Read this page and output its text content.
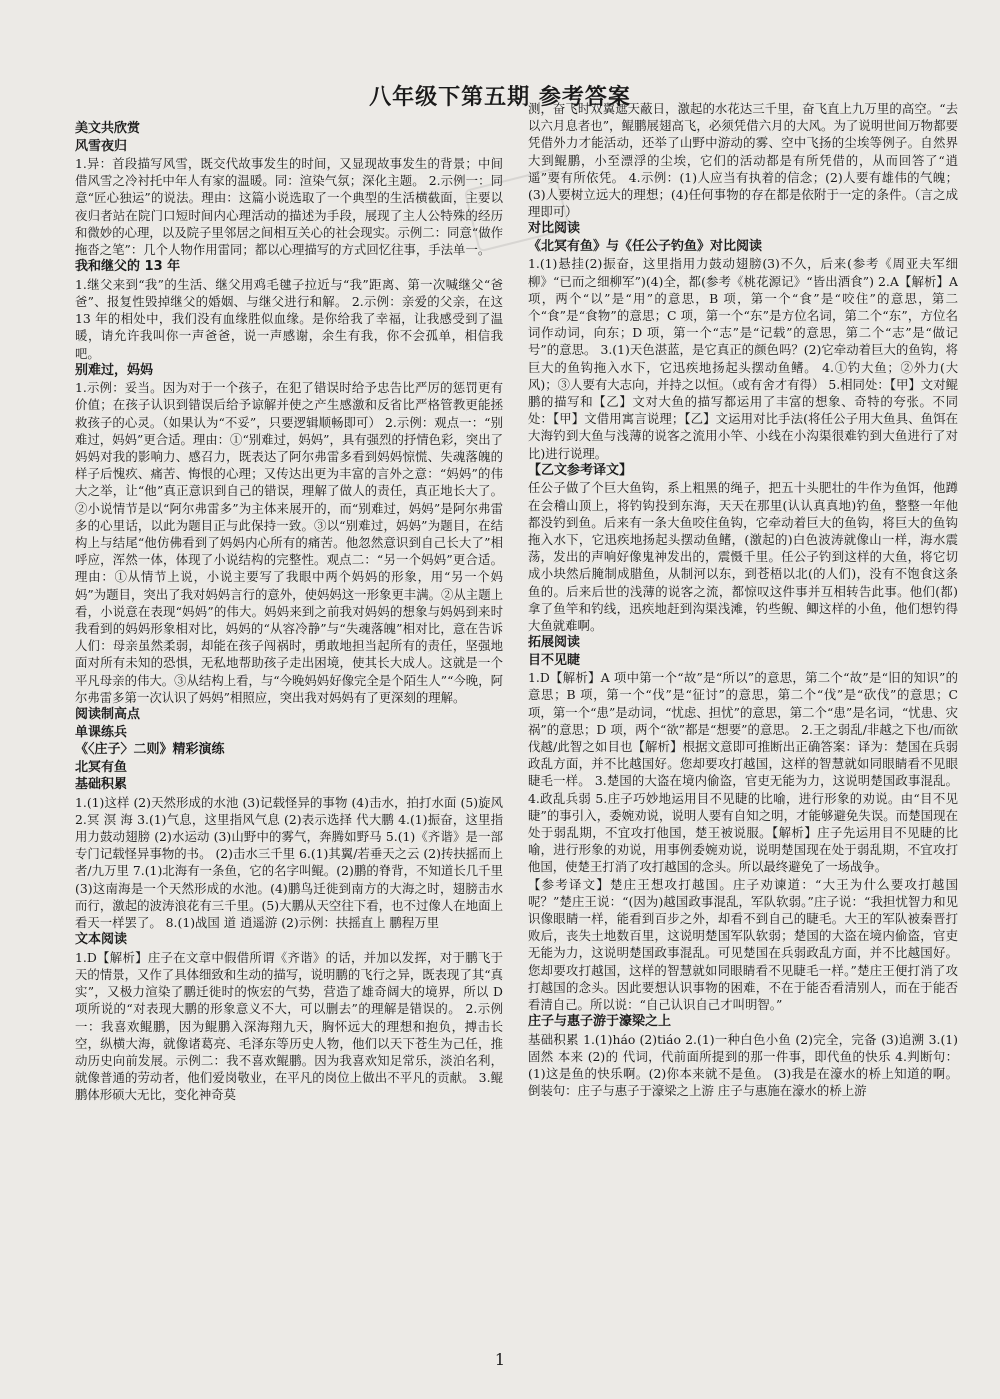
八年级下第五期 参考答案
美文共欣赏
风雪夜归

1.异：首段描写风雪，既交代故事发生的时间，又显现故事发生的背景；中间借风雪之冷衬托中年人有家的温暖。同：渲染气氛；深化主题。 2.示例一：同意“匠心独运”的说法。理由：这篇小说选取了一个典型的生活横截面，主要以夜归者站在院门口短时间内心理活动的描述为手段，展现了主人公特殊的经历和微妙的心理，以及院子里邻居之间相互关心的社会现实。示例二：同意“做作拖沓之笔”：几个人物作用雷同；都以心理描写的方式回忆往事，手法单一。

我和继父的 13 年

1.继父来到“我”的生活、继父用鸡毛毽子拉近与“我”距离、第一次喊继父“爸爸”、报复性毁掉继父的婚姻、与继父进行和解。 2.示例：亲爱的父亲，在这 13 年的相处中，我们没有血缘胜似血缘。是你给我了幸福，让我感受到了温暖，请允许我叫你一声爸爸，说一声感谢，余生有我，你不会孤单，相信我吧。

别难过，妈妈

1.示例：妥当。因为对于一个孩子，在犯了错误时给予忠告比严厉的惩罚更有价值；在孩子认识到错误后给予谅解并使之产生感激和反省比严格管教更能拯救孩子的心灵。（如果认为“不妥”，只要逻辑顺畅即可） 2.示例：观点一：“别难过，妈妈”更合适。理由：①“别难过，妈妈”，具有强烈的抒情色彩，突出了妈妈对我的影响力、感召力，既表达了阿尔弗雷多看到妈妈惊慌、失魂落魄的样子后愧疚、痛苦、悔恨的心理；又传达出更为丰富的言外之意：“妈妈”的伟大之举，让“他”真正意识到自己的错误，理解了做人的责任，真正地长大了。②小说情节是以“阿尔弗雷多”为主体来展开的，而“别难过，妈妈”是阿尔弗雷多的心里话，以此为题目正与此保持一致。③以“别难过，妈妈”为题目，在结构上与结尾“他仿佛看到了妈妈内心所有的痛苦。他忽然意识到自己长大了”相呼应，浑然一体，体现了小说结构的完整性。观点二：“另一个妈妈”更合适。理由：①从情节上说，小说主要写了我眼中两个妈妈的形象，用“另一个妈妈”为题目，突出了我对妈妈言行的意外，使妈妈这一形象更丰满。②从主题上看，小说意在表现“妈妈”的伟大。妈妈来到之前我对妈妈的想象与妈妈到来时我看到的妈妈形象相对比，妈妈的“从容冷静”与“失魂落魄”相对比，意在告诉人们：母亲虽然柔弱，却能在孩子闯祸时，勇敢地担当起所有的责任，坚强地面对所有未知的恐惧，无私地帮助孩子走出困境，使其长大成人。这就是一个平凡母亲的伟大。③从结构上看，与“今晚妈妈好像完全是个陌生人”“今晚，阿尔弗雷多第一次认识了妈妈”相照应，突出我对妈妈有了更深刻的理解。

阅读制高点
单课练兵
《〈庄子〉二则》精彩演练
北冥有鱼
基础积累

1.(1)这样 (2)天然形成的水池 (3)记载怪异的事物 (4)击水，拍打水面 (5)旋风 2.冥 溟 海 3.(1)气息，这里指风气息 (2)表示选择 代大鹏 4.(1)振奋，这里指用力鼓动翅膀 (2)水运动 (3)山野中的雾气，奔腾如野马 5.(1)《齐谐》是一部专门记载怪异事物的书。 (2)击水三千里 6.(1)其翼/若垂天之云 (2)抟扶摇而上者/九万里 7.(1)北海有一条鱼，它的名字叫鲲。(2)鹏的脊背，不知道长几千里 (3)这南海是一个天然形成的水池。(4)鹏鸟迁徙到南方的大海之时，翅膀击水而行，激起的波涛浪花有三千里。(5)大鹏从天空往下看，也不过像人在地面上看天一样罢了。 8.(1)战国 道 逍遥游 (2)示例：扶摇直上 鹏程万里

文本阅读

1.D【解析】庄子在文章中假借所谓《齐谐》的话，并加以发挥，对于鹏飞于天的情景，又作了具体细致和生动的描写，说明鹏的飞行之异，既表现了其“真实”，又极力渲染了鹏迁徙时的恢宏的气势，营造了雄奇阔大的境界，所以 D 项所说的“对表现大鹏的形象意义不大，可以删去”的理解是错误的。 2.示例一：我喜欢鲲鹏，因为鲲鹏入深海翔九天，胸怀远大的理想和抱负，搏击长空，纵横大海，就像诸葛亮、毛泽东等历史人物，他们以天下苍生为己任，推动历史向前发展。示例二：我不喜欢鲲鹏。因为我喜欢知足常乐，淡泊名利，就像普通的劳动者，他们爱岗敬业，在平凡的岗位上做出不平凡的贡献。 3.鲲鹏体形硕大无比，变化神奇莫

测，奋飞时双翼遮天蔽日，激起的水花达三千里，奋飞直上九万里的高空。“去以六月息者也”，鲲鹏展翅高飞，必须凭借六月的大风。为了说明世间万物都要凭借外力才能活动，还举了山野中游动的雾、空中飞扬的尘埃等例子。自然界大到鲲鹏，小至漂浮的尘埃，它们的活动都是有所凭借的，从而回答了“逍遥”要有所依凭。 4.示例：(1)人应当有执着的信念；(2)人要有雄伟的气魄；(3)人要树立远大的理想；(4)任何事物的存在都是依附于一定的条件。（言之成理即可）

对比阅读
《北冥有鱼》与《任公子钓鱼》对比阅读

1.(1)悬挂(2)振奋，这里指用力鼓动翅膀(3)不久，后来(参考《周亚夫军细柳》“已而之细柳军”)(4)全，都(参考《桃花源记》“皆出酒食”) 2.A【解析】A 项，两个“以”是“用”的意思，B 项，第一个“食”是“咬住”的意思，第二个“食”是“食物”的意思；C 项，第一个“东”是方位名词，第二个“东”，方位名词作动词，向东；D 项，第一个“志”是“记载”的意思，第二个“志”是“做记号”的意思。 3.(1)天色湛蓝，是它真正的颜色吗？(2)它牵动着巨大的鱼钩，将巨大的鱼钩拖入水下，它迅疾地扬起头摆动鱼鳍。 4.①钓大鱼；②外力(大风)；③人要有大志向，并持之以恒。（或有舍才有得） 5.相同处：【甲】文对鲲鹏的描写和【乙】文对大鱼的描写都运用了丰富的想象、奇特的夸张。不同处：【甲】文借用寓言说理；【乙】文运用对比手法(将任公子用大鱼具、鱼饵在大海钓到大鱼与浅薄的说客之流用小竿、小线在小沟渠很难钓到大鱼进行了对比)进行说理。

【乙文参考译文】

任公子做了个巨大鱼钩，系上粗黑的绳子，把五十头肥壮的牛作为鱼饵，他蹲在会稽山顶上，将钓钩投到东海，天天在那里(认认真真地)钓鱼，整整一年他都没钓到鱼。后来有一条大鱼咬住鱼钩，它牵动着巨大的鱼钩，将巨大的鱼钩拖入水下，它迅疾地扬起头摆动鱼鳍，(激起的)白色波涛就像山一样，海水震荡，发出的声响好像鬼神发出的，震慑千里。任公子钓到这样的大鱼，将它切成小块然后腌制成腊鱼，从制河以东，到苍梧以北(的人们)，没有不饱食这条鱼的。后来后世的浅薄的说客之流，都惊叹这件事并互相转告此事。他们(都)拿了鱼竿和钓线，迅疾地赶到沟渠浅滩，钓些鲵、鲫这样的小鱼，他们想钓得大鱼就难啊。

拓展阅读
目不见睫

1.D【解析】A 项中第一个“故”是“所以”的意思，第二个“故”是“旧的知识”的意思；B 项，第一个“伐”是“征讨”的意思，第二个“伐”是“砍伐”的意思；C 项，第一个“患”是动词，“忧虑、担忧”的意思，第二个“患”是名词，“忧患、灾祸”的意思；D 项，两个“欲”都是“想要”的意思。 2.王之弱乱/非越之下也/而欲伐越/此智之如目也【解析】根据文意即可推断出正确答案：译为：楚国在兵弱政乱方面，并不比越国好。您却要攻打越国，这样的智慧就如同眼睛看不见眼睫毛一样。 3.楚国的大盗在境内偷盗，官吏无能为力，这说明楚国政事混乱。 4.政乱兵弱 5.庄子巧妙地运用目不见睫的比喻，进行形象的劝说。由“目不见睫”的事引入，委婉劝说，说明人要有自知之明，才能够避免失误。而楚国现在处于弱乱期，不宜攻打他国，楚王被说服。【解析】庄子先运用目不见睫的比喻，进行形象的劝说，用事例委婉劝说，说明楚国现在处于弱乱期，不宜攻打他国，使楚王打消了攻打越国的念头。所以最终避免了一场战争。

【参考译文】楚庄王想攻打越国。庄子劝谏道：“大王为什么要攻打越国呢？”楚庄王说：“(因为)越国政事混乱，军队软弱。”庄子说：“我担忧智力和见识像眼睛一样，能看到百步之外，却看不到自己的睫毛。大王的军队被秦晋打败后，丧失土地数百里，这说明楚国军队软弱；楚国的大盗在境内偷盗，官吏无能为力，这说明楚国政事混乱。可见楚国在兵弱政乱方面，并不比越国好。您却要攻打越国，这样的智慧就如同眼睛看不见睫毛一样。”楚庄王便打消了攻打越国的念头。因此要想认识事物的困难，不在于能否看清别人，而在于能否看清自己。所以说：“自己认识自己才叫明智。”

庄子与惠子游于濠梁之上

基础积累 1.(1)háo (2)tiáo 2.(1)一种白色小鱼 (2)完全，完备 (3)追溯 3.(1)固然 本来 (2)的 代词，代前面所提到的那一件事，即代鱼的快乐 4.判断句：(1)这是鱼的快乐啊。(2)你本来就不是鱼。 (3)我是在濠水的桥上知道的啊。 倒装句：庄子与惠子于濠梁之上游 庄子与惠施在濠水的桥上游

1
